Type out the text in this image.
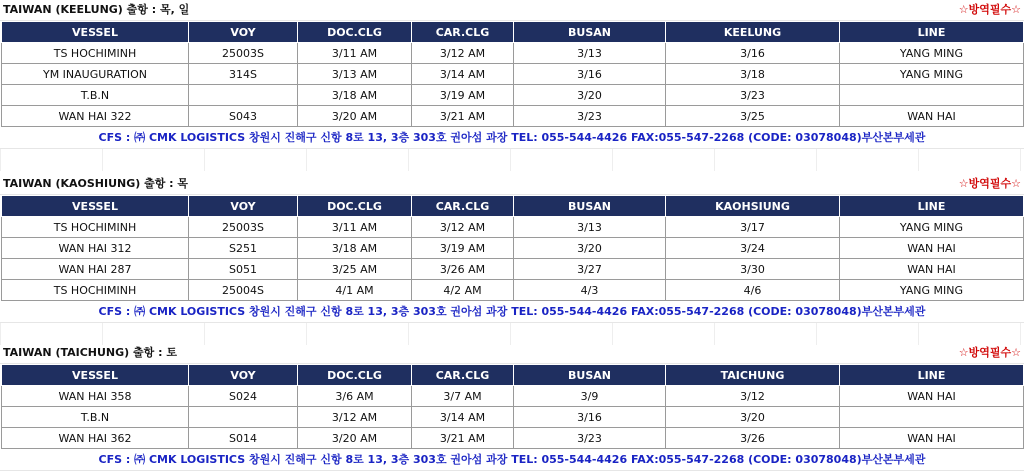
TAIWAN (KEELUNG) 출항 : 목, 일	☆방역필수☆
VESSEL	VOY	DOC.CLG	CAR.CLG	BUSAN	KEELUNG	LINE
TS HOCHIMINH	25003S	3/11 AM	3/12 AM	3/13	3/16	YANG MING
YM INAUGURATION	314S	3/13 AM	3/14 AM	3/16	3/18	YANG MING
T.B.N		3/18 AM	3/19 AM	3/20	3/23	
WAN HAI 322	S043	3/20 AM	3/21 AM	3/23	3/25	WAN HAI
CFS : ㈜ CMK LOGISTICS 창원시 진해구 신항 8로 13, 3층 303호 권아섬 과장 TEL: 055-544-4426 FAX:055-547-2268 (CODE: 03078048)부산본부세관
TAIWAN (KAOSHIUNG) 출항 : 목	☆방역필수☆
VESSEL	VOY	DOC.CLG	CAR.CLG	BUSAN	KAOHSIUNG	LINE
TS HOCHIMINH	25003S	3/11 AM	3/12 AM	3/13	3/17	YANG MING
WAN HAI 312	S251	3/18 AM	3/19 AM	3/20	3/24	WAN HAI
WAN HAI 287	S051	3/25 AM	3/26 AM	3/27	3/30	WAN HAI
TS HOCHIMINH	25004S	4/1 AM	4/2 AM	4/3	4/6	YANG MING
CFS : ㈜ CMK LOGISTICS 창원시 진해구 신항 8로 13, 3층 303호 권아섬 과장 TEL: 055-544-4426 FAX:055-547-2268 (CODE: 03078048)부산본부세관
TAIWAN (TAICHUNG) 출항 : 토	☆방역필수☆
VESSEL	VOY	DOC.CLG	CAR.CLG	BUSAN	TAICHUNG	LINE
WAN HAI 358	S024	3/6 AM	3/7 AM	3/9	3/12	WAN HAI
T.B.N		3/12 AM	3/14 AM	3/16	3/20	
WAN HAI 362	S014	3/20 AM	3/21 AM	3/23	3/26	WAN HAI
CFS : ㈜ CMK LOGISTICS 창원시 진해구 신항 8로 13, 3층 303호 권아섬 과장 TEL: 055-544-4426 FAX:055-547-2268 (CODE: 03078048)부산본부세관
